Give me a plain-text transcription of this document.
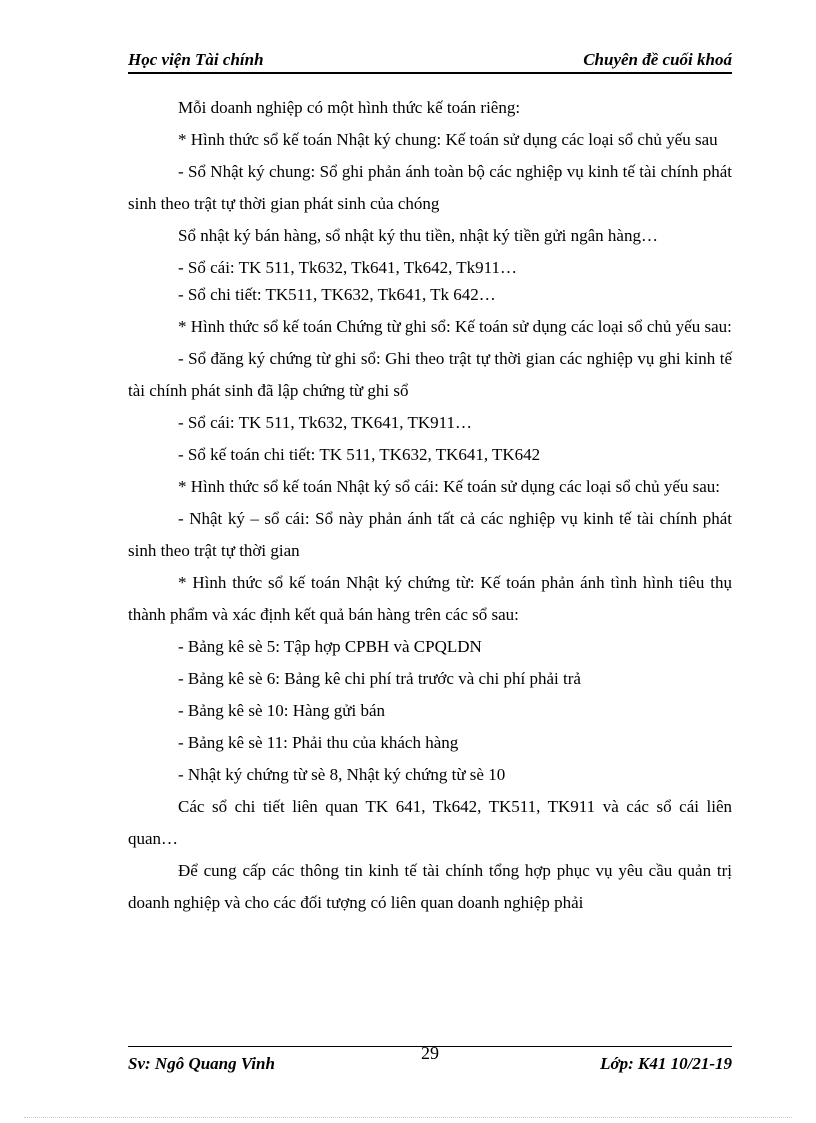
Học viện Tài chính	Chuyên đề cuối khoá

Mỗi doanh nghiệp có một hình thức kế toán riêng:

* Hình thức sổ kế toán Nhật ký chung: Kế toán sử dụng các loại sổ chủ yếu sau

- Sổ Nhật ký chung: Sổ ghi phản ánh toàn bộ các nghiệp vụ kinh tế tài chính phát sinh theo trật tự thời gian phát sinh của chóng

Sổ nhật ký bán hàng, sổ nhật ký thu tiền, nhật ký tiền gửi ngân hàng…

- Sổ cái: TK 511, Tk632, Tk641, Tk642, Tk911…

- Sổ chi tiết: TK511, TK632, Tk641, Tk 642…

* Hình thức sổ kế toán Chứng từ ghi sổ: Kế toán sử dụng các loại sổ chủ yếu sau:

- Sổ đăng ký chứng từ ghi sổ: Ghi theo trật tự thời gian các nghiệp vụ ghi kinh tế tài chính phát sinh đã lập chứng từ ghi sổ

- Sổ cái: TK 511, Tk632, TK641, TK911…

- Sổ kế toán chi tiết: TK 511, TK632, TK641, TK642

* Hình thức sổ kế toán Nhật ký sổ cái: Kế toán sử dụng các loại sổ chủ yếu sau:

- Nhật ký – sổ cái: Sổ này phản ánh tất cả các nghiệp vụ kinh tế tài chính phát sinh theo trật tự thời gian

* Hình thức sổ kế toán Nhật ký chứng từ: Kế toán phản ánh tình hình tiêu thụ thành phẩm và xác định kết quả bán hàng trên các sổ sau:

- Bảng kê sè 5: Tập hợp CPBH và CPQLDN

- Bảng kê sè 6: Bảng kê chi phí trả trước và chi phí phải trả

- Bảng kê sè 10: Hàng gửi bán

- Bảng kê sè 11: Phải thu của khách hàng

- Nhật ký chứng từ sè 8, Nhật ký chứng từ sè 10

Các sổ chi tiết liên quan TK 641, Tk642, TK511, TK911 và các sổ cái liên quan…

Để cung cấp các thông tin kinh tế tài chính tổng hợp phục vụ yêu cầu quản trị doanh nghiệp và cho các đối tượng có liên quan doanh nghiệp phải

Sv: Ngô Quang Vinh
29
Lớp: K41 10/21-19
